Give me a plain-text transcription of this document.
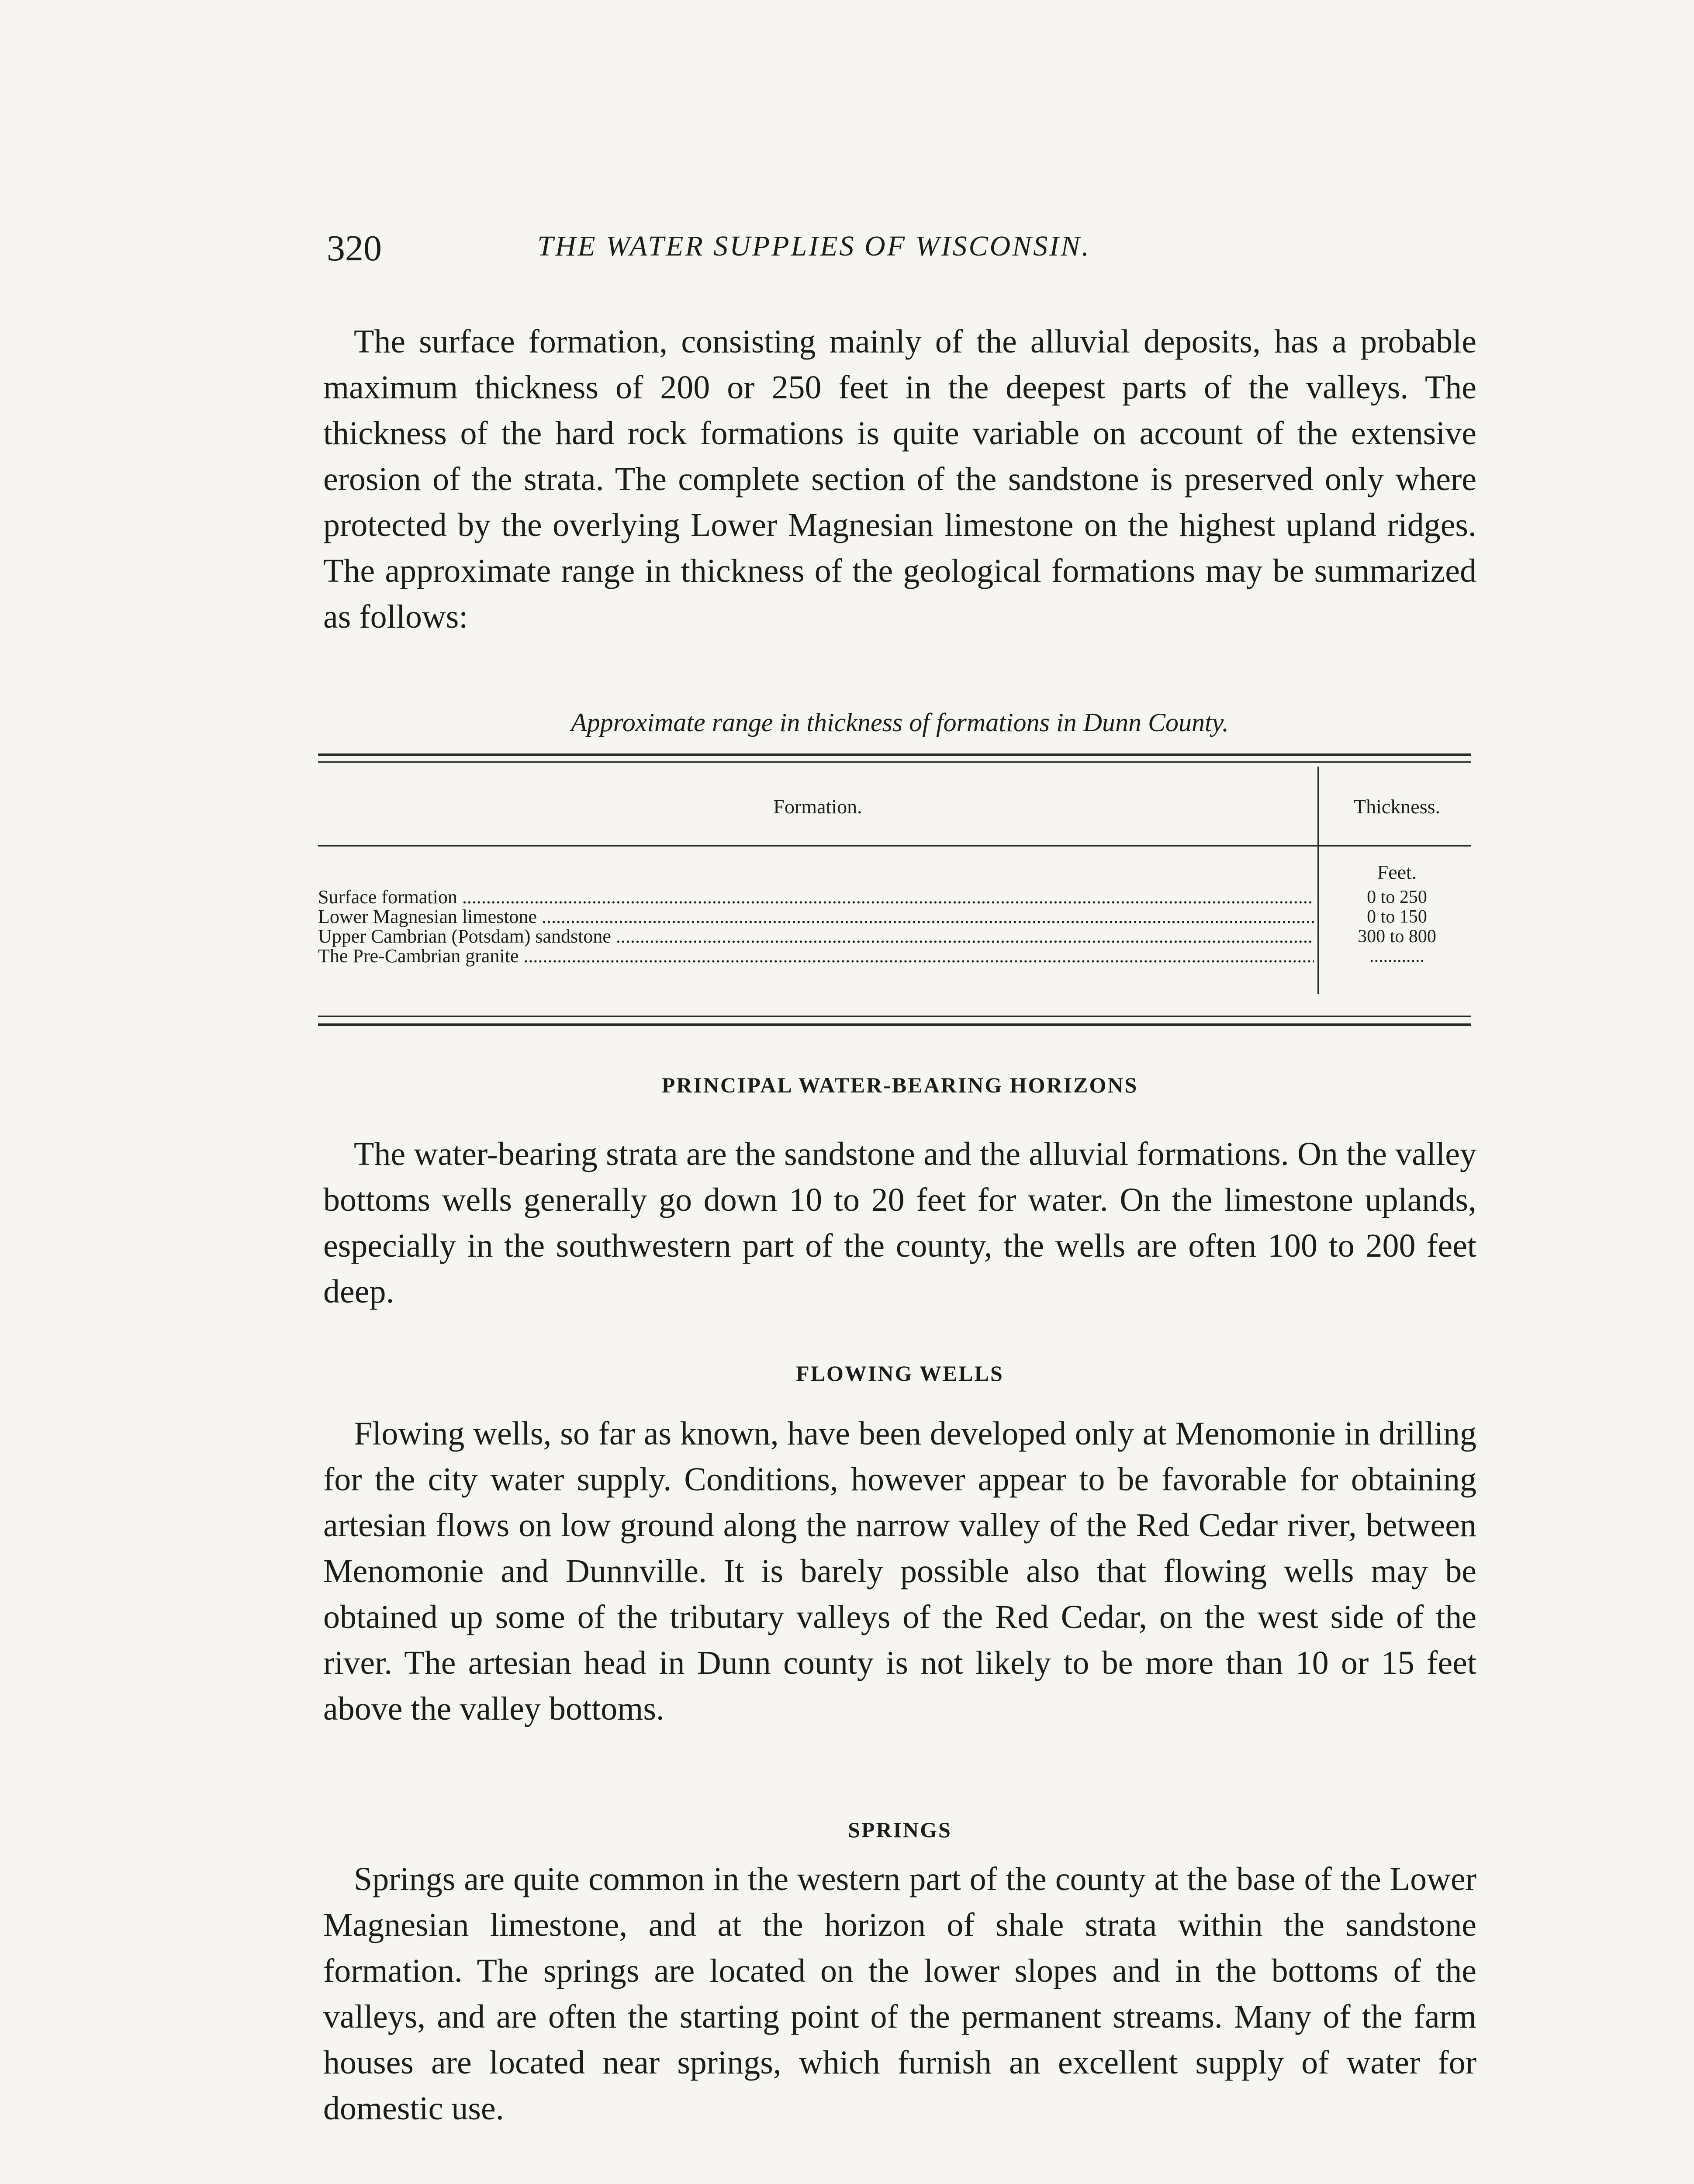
320	THE WATER SUPPLIES OF WISCONSIN.

The surface formation, consisting mainly of the alluvial deposits, has a probable maximum thickness of 200 or 250 feet in the deepest parts of the valleys. The thickness of the hard rock formations is quite variable on account of the extensive erosion of the strata. The complete section of the sandstone is preserved only where protected by the overlying Lower Magnesian limestone on the highest upland ridges. The approximate range in thickness of the geological formations may be summarized as follows:

Approximate range in thickness of formations in Dunn County.

Formation.	Thickness.
Feet.
Surface formation .....	0 to 250
Lower Magnesian limestone .....	0 to 150
Upper Cambrian (Potsdam) sandstone .....	300 to 800
The Pre-Cambrian granite .....	............
PRINCIPAL WATER-BEARING HORIZONS

The water-bearing strata are the sandstone and the alluvial formations. On the valley bottoms wells generally go down 10 to 20 feet for water. On the limestone uplands, especially in the southwestern part of the county, the wells are often 100 to 200 feet deep.

FLOWING WELLS

Flowing wells, so far as known, have been developed only at Menomonie in drilling for the city water supply. Conditions, however appear to be favorable for obtaining artesian flows on low ground along the narrow valley of the Red Cedar river, between Menomonie and Dunnville. It is barely possible also that flowing wells may be obtained up some of the tributary valleys of the Red Cedar, on the west side of the river. The artesian head in Dunn county is not likely to be more than 10 or 15 feet above the valley bottoms.

SPRINGS

Springs are quite common in the western part of the county at the base of the Lower Magnesian limestone, and at the horizon of shale strata within the sandstone formation. The springs are located on the lower slopes and in the bottoms of the valleys, and are often the starting point of the permanent streams. Many of the farm houses are located near springs, which furnish an excellent supply of water for domestic use.
